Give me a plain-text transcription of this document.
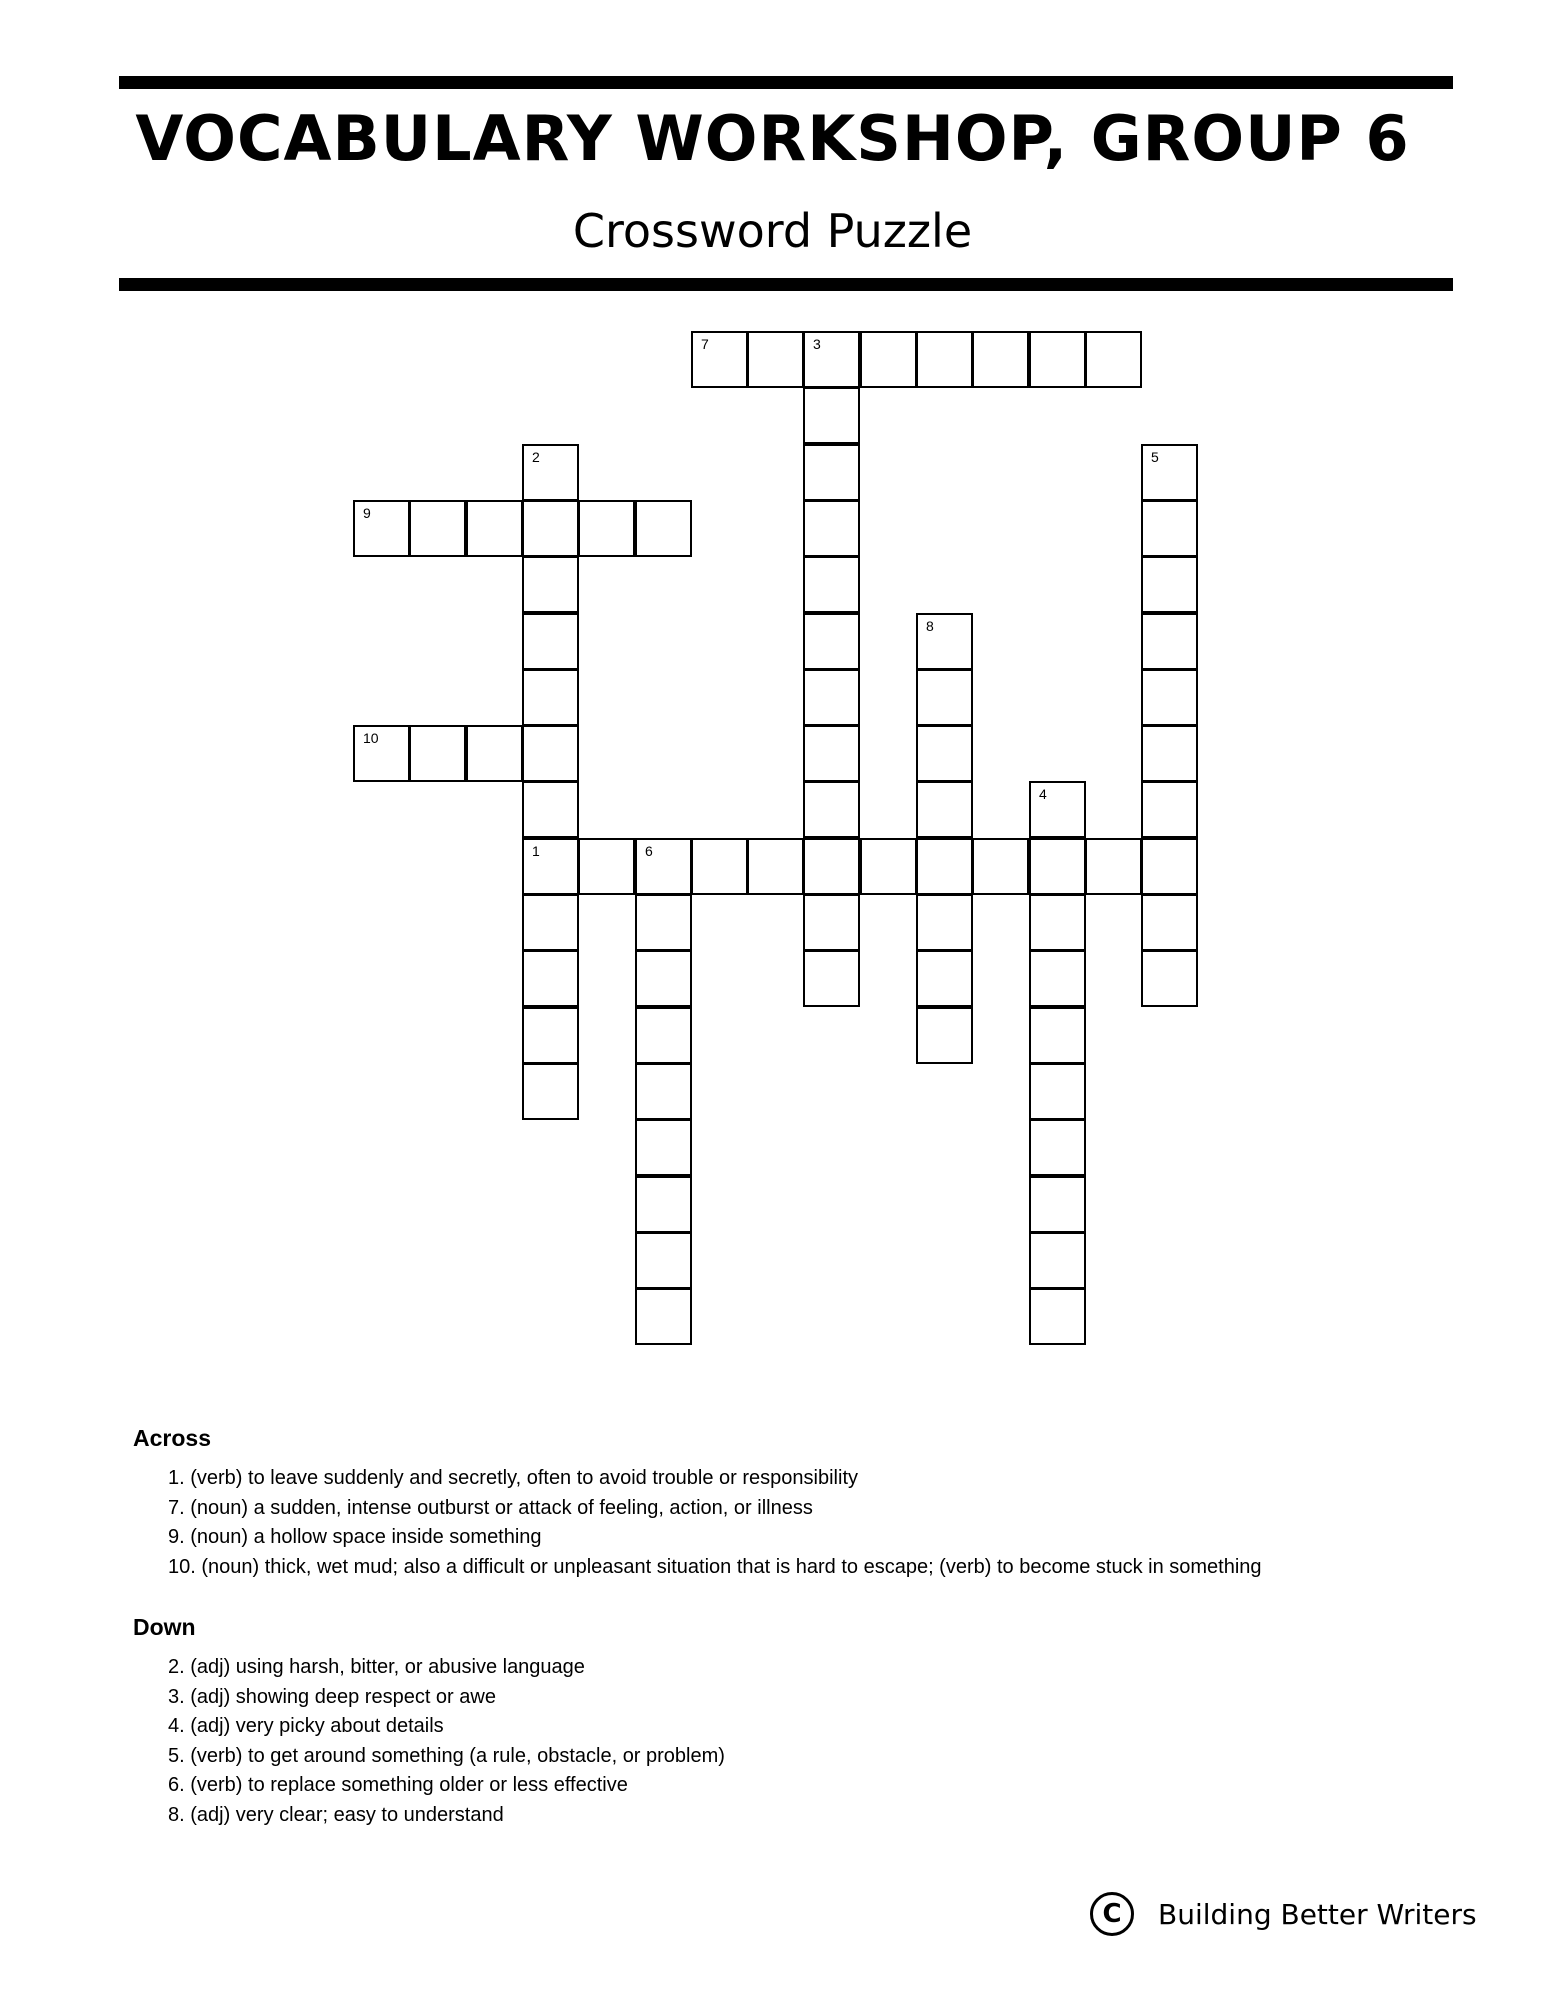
VOCABULARY WORKSHOP, GROUP 6
Crossword Puzzle
1	6
2
3
4
5
7
8
9
10
Across
1. (verb) to leave suddenly and secretly, often to avoid trouble or responsibility
7. (noun) a sudden, intense outburst or attack of feeling, action, or illness
9. (noun) a hollow space inside something
10. (noun) thick, wet mud; also a difficult or unpleasant situation that is hard to escape; (verb) to become stuck in something
Down
2. (adj) using harsh, bitter, or abusive language
3. (adj) showing deep respect or awe
4. (adj) very picky about details
5. (verb) to get around something (a rule, obstacle, or problem)
6. (verb) to replace something older or less effective
8. (adj) very clear; easy to understand
C	Building Better Writers
